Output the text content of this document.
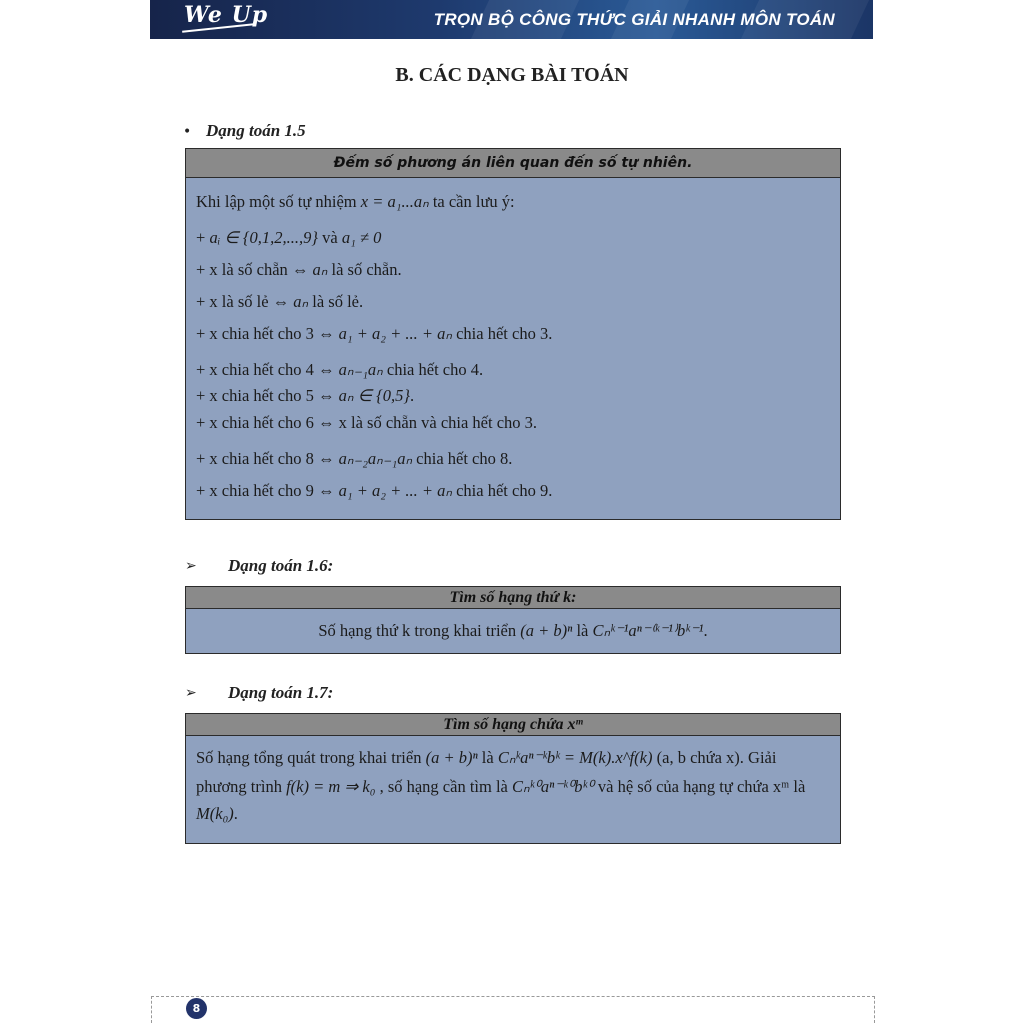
We Up	TRỌN BỘ CÔNG THỨC GIẢI NHANH MÔN TOÁN
B. CÁC DẠNG BÀI TOÁN
• Dạng toán 1.5
Đếm số phương án liên quan đến số tự nhiên.
Khi lập một số tự nhiệm x = a₁...aₙ ta cần lưu ý:
+ aᵢ ∈ {0,1,2,...,9} và a₁ ≠ 0
+ x là số chẵn ⇔ aₙ là số chẵn.
+ x là số lẻ ⇔ aₙ là số lẻ.
+ x chia hết cho 3 ⇔ a₁ + a₂ + ... + aₙ chia hết cho 3.
+ x chia hết cho 4 ⇔ aₙ₋₁aₙ chia hết cho 4.
+ x chia hết cho 5 ⇔ aₙ ∈ {0,5}.
+ x chia hết cho 6 ⇔ x là số chẵn và chia hết cho 3.
+ x chia hết cho 8 ⇔ aₙ₋₂aₙ₋₁aₙ chia hết cho 8.
+ x chia hết cho 9 ⇔ a₁ + a₂ + ... + aₙ chia hết cho 9.
➢ Dạng toán 1.6:
Tìm số hạng thứ k:
Số hạng thứ k trong khai triển (a + b)ⁿ là Cₙᵏ⁻¹aⁿ⁻⁽ᵏ⁻¹⁾bᵏ⁻¹.
➢ Dạng toán 1.7:
Tìm số hạng chứa xᵐ
Số hạng tổng quát trong khai triển (a + b)ⁿ là Cₙᵏaⁿ⁻ᵏbᵏ = M(k).x^f(k) (a, b chứa x). Giải
phương trình f(k) = m ⇒ k₀ , số hạng cần tìm là Cₙᵏ⁰aⁿ⁻ᵏ⁰bᵏ⁰ và hệ số của hạng tự chứa xᵐ là
M(k₀).
8
